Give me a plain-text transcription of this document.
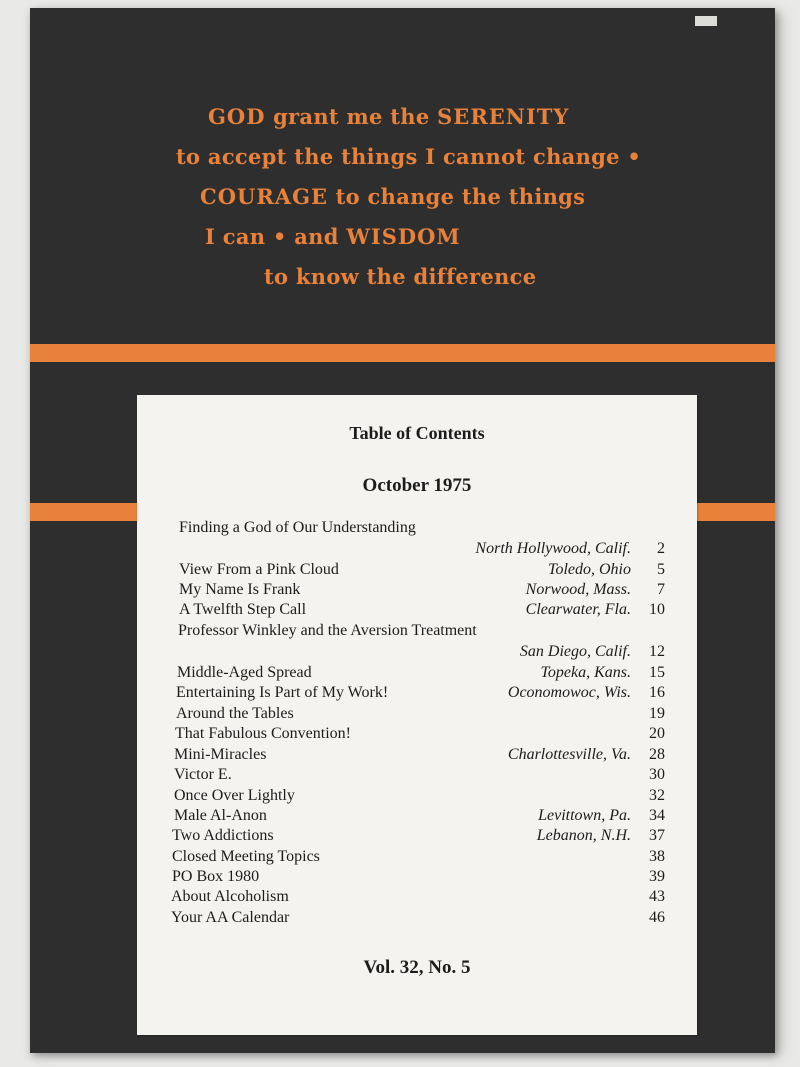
GOD grant me the SERENITY
to accept the things I cannot change •
COURAGE to change the things
I can • and WISDOM
to know the difference
Table of Contents
October 1975
Finding a God of Our Understanding
North Hollywood, Calif. 2
View From a Pink Cloud	Toledo, Ohio 5
My Name Is Frank	Norwood, Mass. 7
A Twelfth Step Call	Clearwater, Fla. 10
Professor Winkley and the Aversion Treatment
San Diego, Calif. 12
Middle-Aged Spread	Topeka, Kans. 15
Entertaining Is Part of My Work!	Oconomowoc, Wis. 16
Around the Tables	19
That Fabulous Convention!	20
Mini-Miracles	Charlottesville, Va. 28
Victor E.	30
Once Over Lightly	32
Male Al-Anon	Levittown, Pa. 34
Two Addictions	Lebanon, N.H. 37
Closed Meeting Topics	38
PO Box 1980	39
About Alcoholism	43
Your AA Calendar	46
Vol. 32, No. 5
